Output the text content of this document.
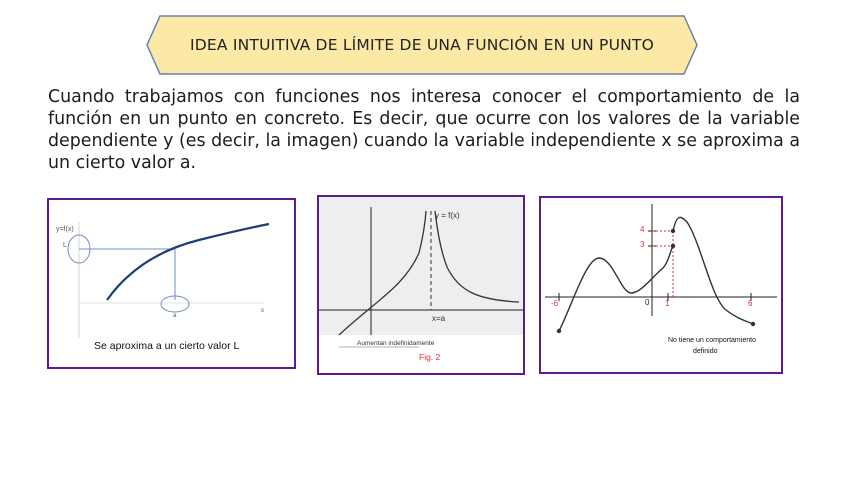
IDEA INTUITIVA DE LÍMITE DE UNA FUNCIÓN EN UN PUNTO
Cuando trabajamos con funciones nos interesa conocer el comportamiento de la función en un punto en concreto. Es decir, que ocurre con los valores de la variable dependiente y (es decir, la imagen) cuando la variable independiente x se aproxima a un cierto valor a.
y=f(x)
L
a
x
Se aproxima a un cierto valor L
y = f(x)
x=a
Aumentan indefinidamente
Fig. 2
4
3
-6	0 1	6
No tiene un comportamiento
definido
